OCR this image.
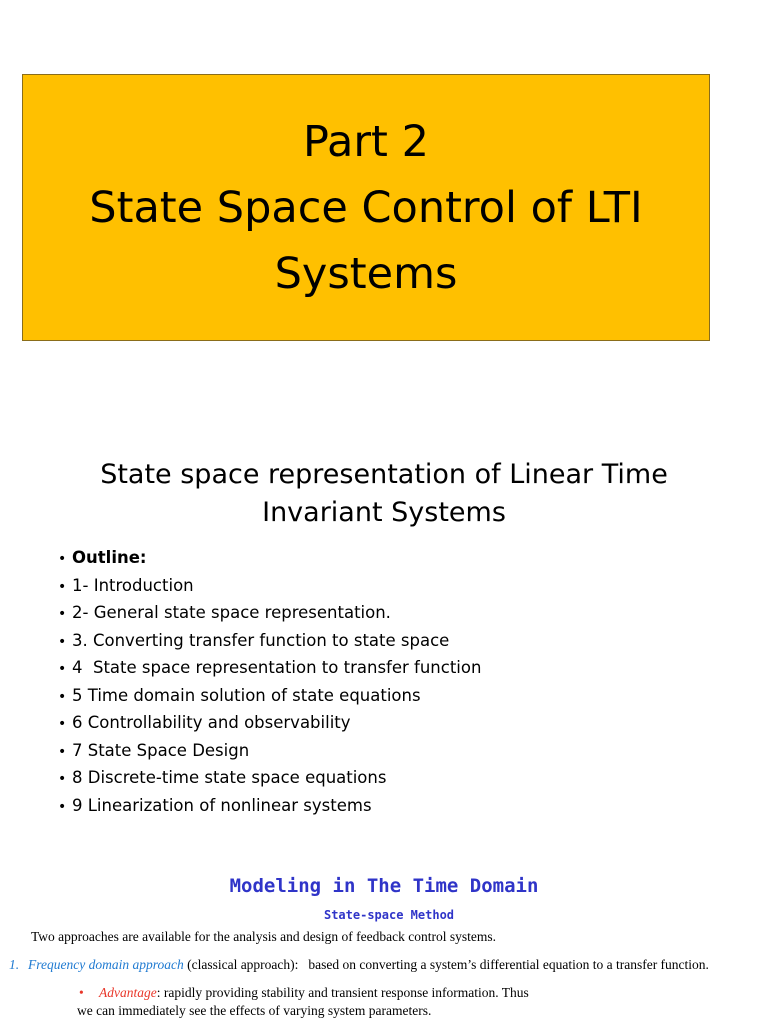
Part 2
State Space Control of LTI
Systems
State space representation of Linear Time
Invariant Systems
• Outline:
• 1- Introduction
• 2- General state space representation.
• 3. Converting transfer function to state space
• 4  State space representation to transfer function
• 5 Time domain solution of state equations
• 6 Controllability and observability
• 7 State Space Design
• 8 Discrete-time state space equations
• 9 Linearization of nonlinear systems
Modeling in The Time Domain
State-space Method
Two approaches are available for the analysis and design of feedback control systems.
1. Frequency domain approach (classical approach): based on converting a system’s differential equation to a transfer function.
• Advantage: rapidly providing stability and transient response information. Thus
we can immediately see the effects of varying system parameters.
